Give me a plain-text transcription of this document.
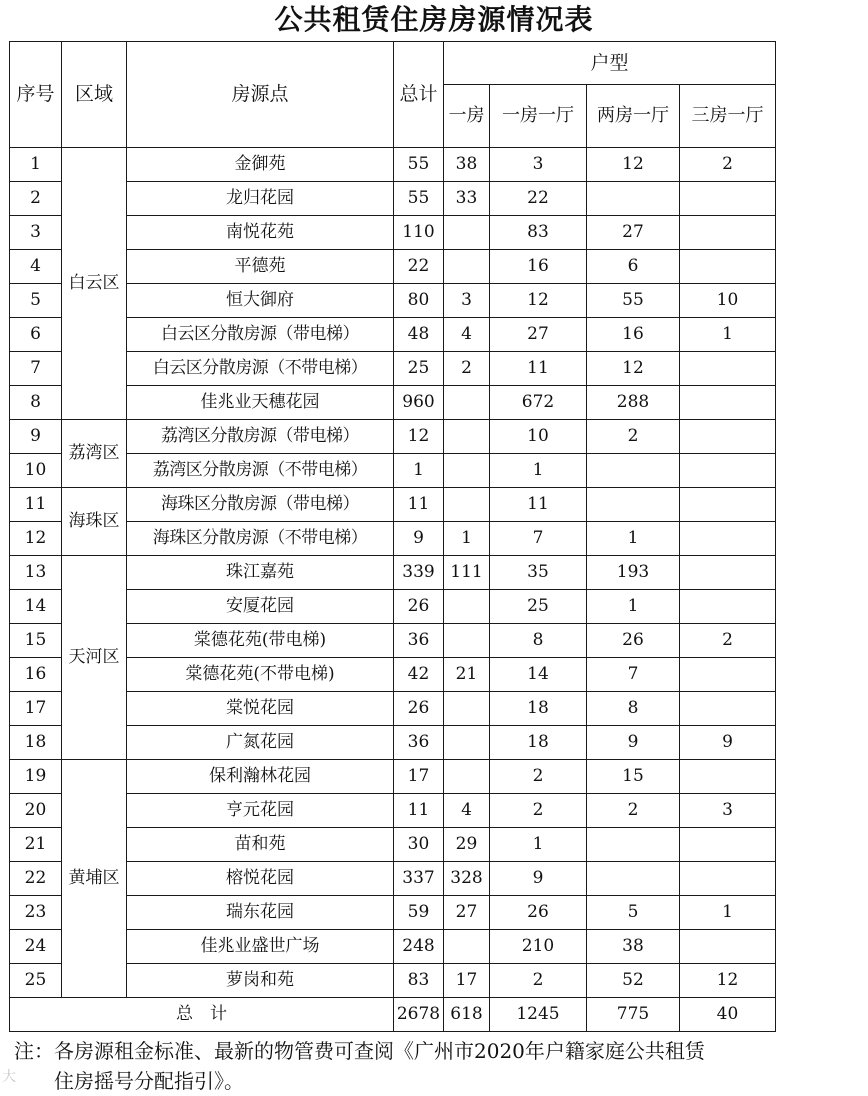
公共租赁住房房源情况表
序号	区域	房源点	总计	户型			
				一房	一房一厅	两房一厅	三房一厅
1	白云区	金御苑	55	38	3	12	2
2		龙归花园	55	33	22		
3		南悦花苑	110		83	27	
4		平德苑	22		16	6	
5		恒大御府	80	3	12	55	10
6		白云区分散房源（带电梯）	48	4	27	16	1
7		白云区分散房源（不带电梯）	25	2	11	12	
8		佳兆业天穗花园	960		672	288	
9	荔湾区	荔湾区分散房源（带电梯）	12		10	2	
10		荔湾区分散房源（不带电梯）	1		1		
11	海珠区	海珠区分散房源（带电梯）	11		11		
12		海珠区分散房源（不带电梯）	9	1	7	1	
13	天河区	珠江嘉苑	339	111	35	193	
14		安厦花园	26		25	1	
15		棠德花苑(带电梯)	36		8	26	2
16		棠德花苑(不带电梯)	42	21	14	7	
17		棠悦花园	26		18	8	
18		广氮花园	36		18	9	9
19	黄埔区	保利瀚林花园	17		2	15	
20		亨元花园	11	4	2	2	3
21		苗和苑	30	29	1		
22		榕悦花园	337	328	9		
23		瑞东花园	59	27	26	5	1
24		佳兆业盛世广场	248		210	38	
25		萝岗和苑	83	17	2	52	12
总　计			2678	618	1245	775	40
注：各房源租金标准、最新的物管费可查阅《广州市2020年户籍家庭公共租赁
住房摇号分配指引》。
大
